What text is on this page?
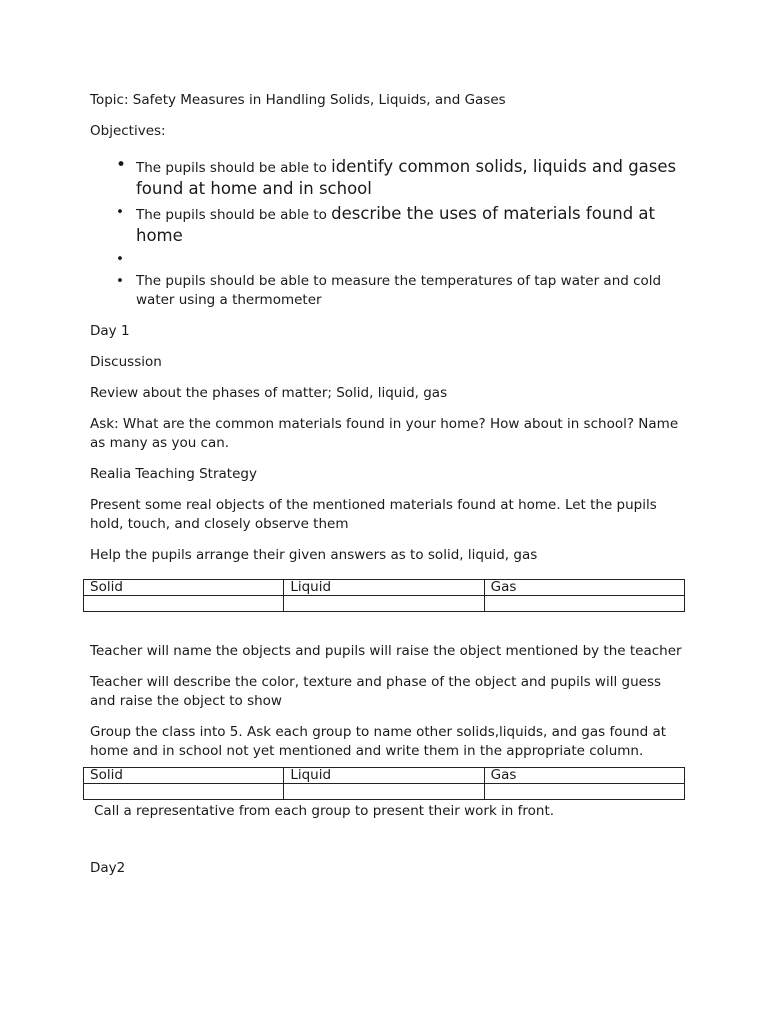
Topic: Safety Measures in Handling Solids, Liquids, and Gases

Objectives:

• The pupils should be able to identify common solids, liquids and gases found at home and in school
• The pupils should be able to describe the uses of materials found at home
•

• The pupils should be able to measure the temperatures of tap water and cold water using a thermometer

Day 1

Discussion

Review about the phases of matter; Solid, liquid, gas

Ask: What are the common materials found in your home? How about in school? Name as many as you can.

Realia Teaching Strategy

Present some real objects of the mentioned materials found at home. Let the pupils hold, touch, and closely observe them

Help the pupils arrange their given answers as to solid, liquid, gas

Solid	Liquid	Gas

Teacher will name the objects and pupils will raise the object mentioned by the teacher

Teacher will describe the color, texture and phase of the object and pupils will guess and raise the object to show

Group the class into 5. Ask each group to name other solids,liquids, and gas found at home and in school not yet mentioned and write them in the appropriate column.

Solid	Liquid	Gas

Call a representative from each group to present their work in front.

Day2
